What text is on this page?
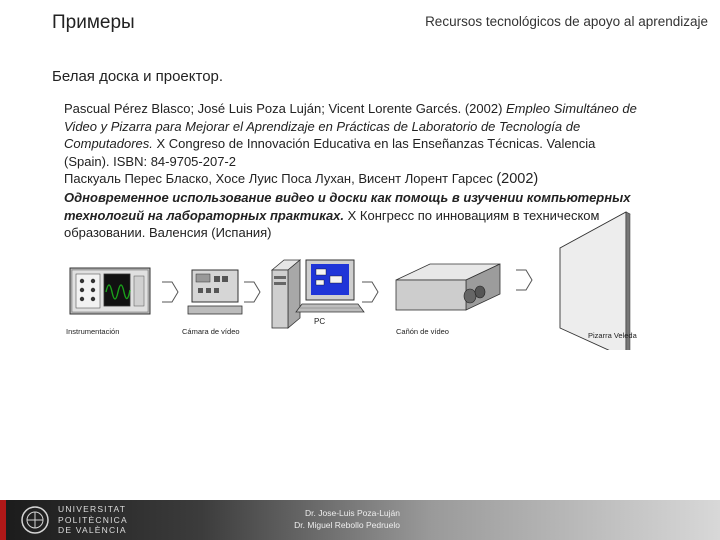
Примеры	Recursos tecnológicos de apoyo al aprendizaje
Белая доска и проектор.

Pascual Pérez Blasco; José Luis Poza Luján; Vicent Lorente Garcés. (2002) Empleo Simultáneo de Video y Pizarra para Mejorar el Aprendizaje en Prácticas de Laboratorio de Tecnología de Computadores. X Congreso de Innovación Educativa en las Enseñanzas Técnicas. Valencia (Spain). ISBN: 84-9705-207-2

Паскуаль Перес Бласко, Хосе Луис Поса Лухан, Висент Лорент Гарсес (2002) Одновременное использование видео и доски как помощь в изучении компьютерных технологий на лабораторных практиках. X Конгресс по инновациям в техническом образовании. Валенсия (Испания)

Instrumentación	Cámara de vídeo
PC
Cañón de vídeo	Pizarra Veleda
UNIVERSITAT
POLITÈCNICA
DE VALÈNCIA
Dr. Jose-Luis Poza-Luján
Dr. Miguel Rebollo Pedruelo
